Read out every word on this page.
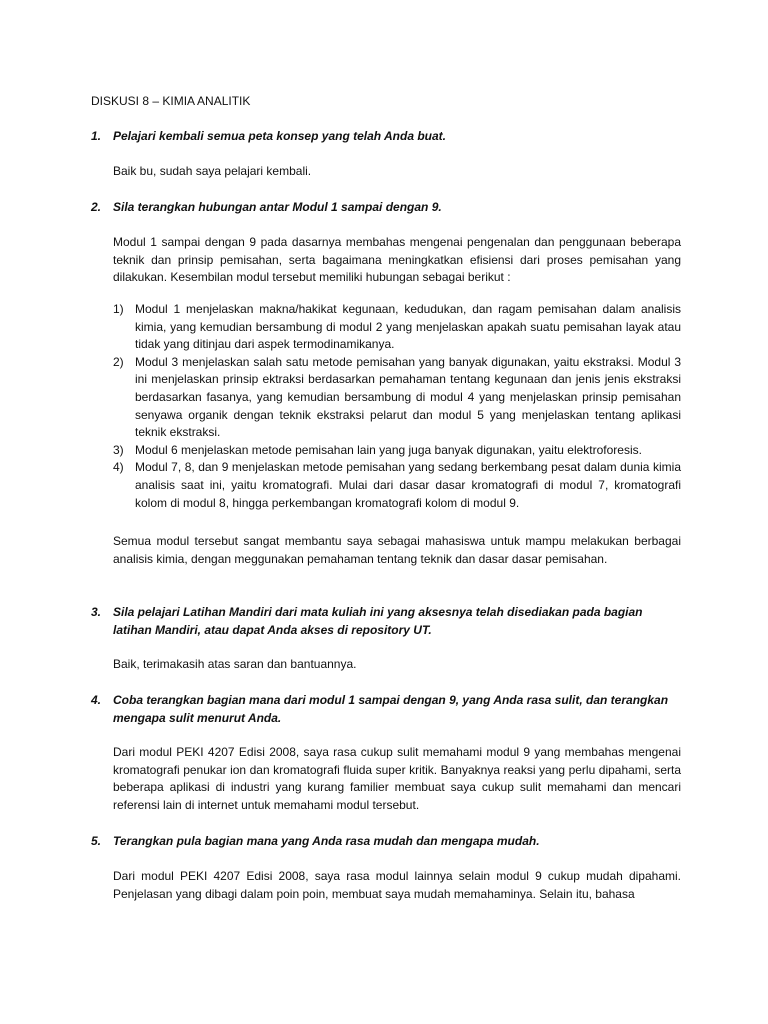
DISKUSI 8 – KIMIA ANALITIK
1. Pelajari kembali semua peta konsep yang telah Anda buat.
Baik bu, sudah saya pelajari kembali.
2. Sila terangkan hubungan antar Modul 1 sampai dengan 9.
Modul 1 sampai dengan 9 pada dasarnya membahas mengenai pengenalan dan penggunaan beberapa teknik dan prinsip pemisahan, serta bagaimana meningkatkan efisiensi dari proses pemisahan yang dilakukan. Kesembilan modul tersebut memiliki hubungan sebagai berikut :
1) Modul 1 menjelaskan makna/hakikat kegunaan, kedudukan, dan ragam pemisahan dalam analisis kimia, yang kemudian bersambung di modul 2 yang menjelaskan apakah suatu pemisahan layak atau tidak yang ditinjau dari aspek termodinamikanya.
2) Modul 3 menjelaskan salah satu metode pemisahan yang banyak digunakan, yaitu ekstraksi. Modul 3 ini menjelaskan prinsip ektraksi berdasarkan pemahaman tentang kegunaan dan jenis jenis ekstraksi berdasarkan fasanya, yang kemudian bersambung di modul 4 yang menjelaskan prinsip pemisahan senyawa organik dengan teknik ekstraksi pelarut dan modul 5 yang menjelaskan tentang aplikasi teknik ekstraksi.
3) Modul 6 menjelaskan metode pemisahan lain yang juga banyak digunakan, yaitu elektroforesis.
4) Modul 7, 8, dan 9 menjelaskan metode pemisahan yang sedang berkembang pesat dalam dunia kimia analisis saat ini, yaitu kromatografi. Mulai dari dasar dasar kromatografi di modul 7, kromatografi kolom di modul 8, hingga perkembangan kromatografi kolom di modul 9.
Semua modul tersebut sangat membantu saya sebagai mahasiswa untuk mampu melakukan berbagai analisis kimia, dengan meggunakan pemahaman tentang teknik dan dasar dasar pemisahan.
3. Sila pelajari Latihan Mandiri dari mata kuliah ini yang aksesnya telah disediakan pada bagian latihan Mandiri, atau dapat Anda akses di repository UT.
Baik, terimakasih atas saran dan bantuannya.
4. Coba terangkan bagian mana dari modul 1 sampai dengan 9, yang Anda rasa sulit, dan terangkan mengapa sulit menurut Anda.
Dari modul PEKI 4207 Edisi 2008, saya rasa cukup sulit memahami modul 9 yang membahas mengenai kromatografi penukar ion dan kromatografi fluida super kritik. Banyaknya reaksi yang perlu dipahami, serta beberapa aplikasi di industri yang kurang familier membuat saya cukup sulit memahami dan mencari referensi lain di internet untuk memahami modul tersebut.
5. Terangkan pula bagian mana yang Anda rasa mudah dan mengapa mudah.
Dari modul PEKI 4207 Edisi 2008, saya rasa modul lainnya selain modul 9 cukup mudah dipahami. Penjelasan yang dibagi dalam poin poin, membuat saya mudah memahaminya. Selain itu, bahasa
